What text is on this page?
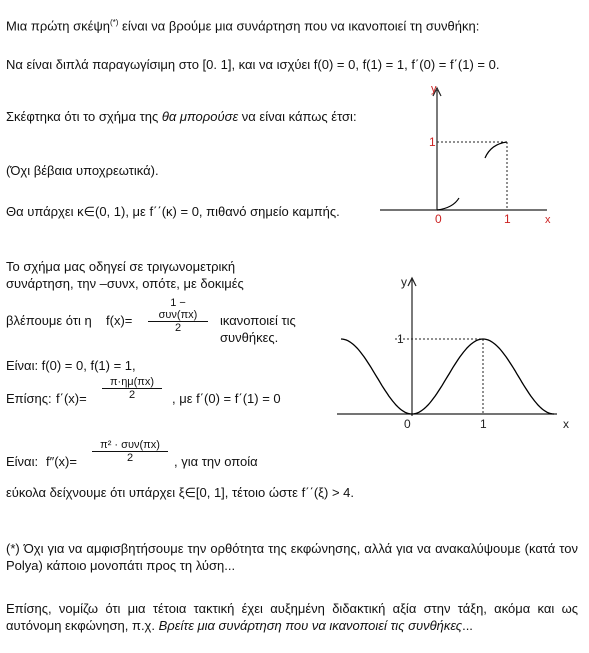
Μια πρώτη σκέψη(*) είναι να βρούμε μια συνάρτηση που να ικανοποιεί τη συνθήκη:
Να είναι διπλά παραγωγίσιμη στο [0. 1], και να ισχύει f(0) = 0, f(1) = 1, f΄(0) = f΄(1) = 0.
Σκέφτηκα ότι το σχήμα της θα μπορούσε να είναι κάπως έτσι:
(Όχι βέβαια υποχρεωτικά).
Θα υπάρχει κ∈(0, 1), με f΄΄(κ) = 0, πιθανό σημείο καμπής.
y
x
0
1
1
Το σχήμα μας οδηγεί σε τριγωνομετρική συνάρτηση, την –συνx, οπότε, με δοκιμές
βλέπουμε ότι η f(x)=
1 − συν(πx)
2	ικανοποιεί τις συνθήκες.
Είναι: f(0) = 0, f(1) = 1,
Επίσης: $f΄(x)= \frac{\pi\cdot\eta\mu(\pi x)}{2}$ , με f΄(0) = f΄(1) = 0
y
x
0
1
1
Είναι: f″(x)=
π² · συν(πx)
2	, για την οποία
εύκολα δείχνουμε ότι υπάρχει ξ∈[0, 1], τέτοιο ώστε f΄΄(ξ) > 4.
(*) Όχι για να αμφισβητήσουμε την ορθότητα της εκφώνησης, αλλά για να ανακαλύψουμε (κατά τον Polya) κάποιο μονοπάτι προς τη λύση...
Επίσης, νομίζω ότι μια τέτοια τακτική έχει αυξημένη διδακτική αξία στην τάξη, ακόμα και ως αυτόνομη εκφώνηση, π.χ. Βρείτε μια συνάρτηση που να ικανοποιεί τις συνθήκες...
